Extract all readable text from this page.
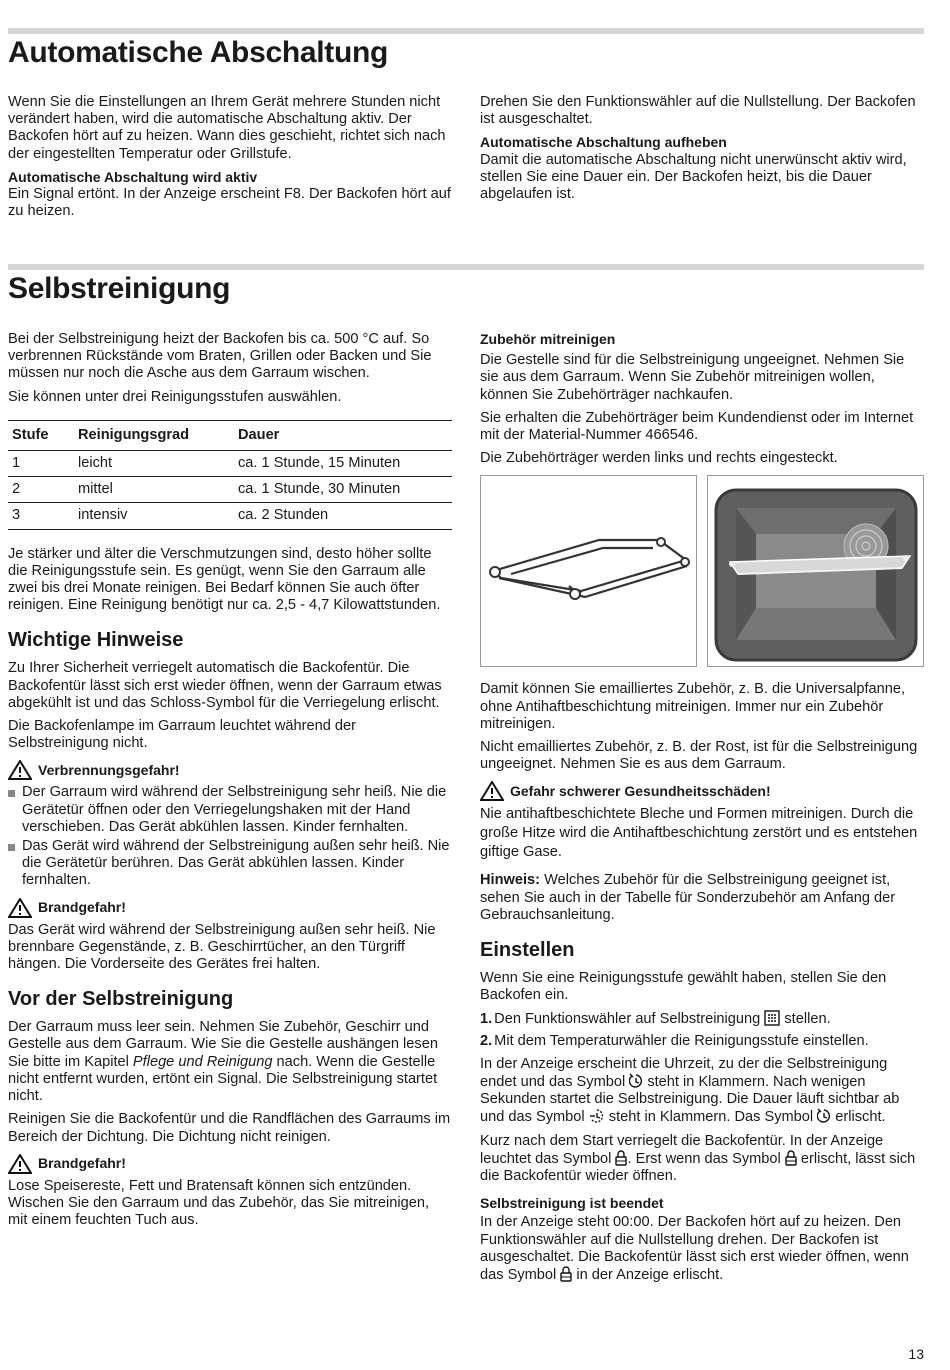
Automatische Abschaltung

Wenn Sie die Einstellungen an Ihrem Gerät mehrere Stunden nicht verändert haben, wird die automatische Abschaltung aktiv. Der Backofen hört auf zu heizen. Wann dies geschieht, richtet sich nach der eingestellten Temperatur oder Grillstufe.

Automatische Abschaltung wird aktiv

Ein Signal ertönt. In der Anzeige erscheint F8. Der Backofen hört auf zu heizen.

Drehen Sie den Funktionswähler auf die Nullstellung. Der Backofen ist ausgeschaltet.

Automatische Abschaltung aufheben

Damit die automatische Abschaltung nicht unerwünscht aktiv wird, stellen Sie eine Dauer ein. Der Backofen heizt, bis die Dauer abgelaufen ist.

Selbstreinigung

Bei der Selbstreinigung heizt der Backofen bis ca. 500 °C auf. So verbrennen Rückstände vom Braten, Grillen oder Backen und Sie müssen nur noch die Asche aus dem Garraum wischen.

Sie können unter drei Reinigungsstufen auswählen.

Stufe	Reinigungsgrad	Dauer
1	leicht	ca. 1 Stunde, 15 Minuten
2	mittel	ca. 1 Stunde, 30 Minuten
3	intensiv	ca. 2 Stunden

Je stärker und älter die Verschmutzungen sind, desto höher sollte die Reinigungsstufe sein. Es genügt, wenn Sie den Garraum alle zwei bis drei Monate reinigen. Bei Bedarf können Sie auch öfter reinigen. Eine Reinigung benötigt nur ca. 2,5 - 4,7 Kilowattstunden.

Wichtige Hinweise

Zu Ihrer Sicherheit verriegelt automatisch die Backofentür. Die Backofentür lässt sich erst wieder öffnen, wenn der Garraum etwas abgekühlt ist und das Schloss-Symbol für die Verriegelung erlischt.

Die Backofenlampe im Garraum leuchtet während der Selbstreinigung nicht.

Verbrennungsgefahr!
Der Garraum wird während der Selbstreinigung sehr heiß. Nie die Gerätetür öffnen oder den Verriegelungshaken mit der Hand verschieben. Das Gerät abkühlen lassen. Kinder fernhalten.
Das Gerät wird während der Selbstreinigung außen sehr heiß. Nie die Gerätetür berühren. Das Gerät abkühlen lassen. Kinder fernhalten.
Brandgefahr!

Das Gerät wird während der Selbstreinigung außen sehr heiß. Nie brennbare Gegenstände, z. B. Geschirrtücher, an den Türgriff hängen. Die Vorderseite des Gerätes frei halten.

Vor der Selbstreinigung

Der Garraum muss leer sein. Nehmen Sie Zubehör, Geschirr und Gestelle aus dem Garraum. Wie Sie die Gestelle aushängen lesen Sie bitte im Kapitel Pflege und Reinigung nach. Wenn die Gestelle nicht entfernt wurden, ertönt ein Signal. Die Selbstreinigung startet nicht.

Reinigen Sie die Backofentür und die Randflächen des Garraums im Bereich der Dichtung. Die Dichtung nicht reinigen.

Brandgefahr!

Lose Speisereste, Fett und Bratensaft können sich entzünden. Wischen Sie den Garraum und das Zubehör, das Sie mitreinigen, mit einem feuchten Tuch aus.

Zubehör mitreinigen

Die Gestelle sind für die Selbstreinigung ungeeignet. Nehmen Sie sie aus dem Garraum. Wenn Sie Zubehör mitreinigen wollen, können Sie Zubehörträger nachkaufen.

Sie erhalten die Zubehörträger beim Kundendienst oder im Internet mit der Material-Nummer 466546.

Die Zubehörträger werden links und rechts eingesteckt.

Damit können Sie emailliertes Zubehör, z. B. die Universalpfanne, ohne Antihaftbeschichtung mitreinigen. Immer nur ein Zubehör mitreinigen.

Nicht emailliertes Zubehör, z. B. der Rost, ist für die Selbstreinigung ungeeignet. Nehmen Sie es aus dem Garraum.

Gefahr schwerer Gesundheitsschäden!

Nie antihaftbeschichtete Bleche und Formen mitreinigen. Durch die große Hitze wird die Antihaftbeschichtung zerstört und es entstehen giftige Gase.

Hinweis: Welches Zubehör für die Selbstreinigung geeignet ist, sehen Sie auch in der Tabelle für Sonderzubehör am Anfang der Gebrauchsanleitung.

Einstellen

Wenn Sie eine Reinigungsstufe gewählt haben, stellen Sie den Backofen ein.

1. Den Funktionswähler auf Selbstreinigung  stellen.
2. Mit dem Temperaturwähler die Reinigungsstufe einstellen.

In der Anzeige erscheint die Uhrzeit, zu der die Selbstreinigung endet und das Symbol  steht in Klammern. Nach wenigen Sekunden startet die Selbstreinigung. Die Dauer läuft sichtbar ab und das Symbol  steht in Klammern. Das Symbol  erlischt.

Kurz nach dem Start verriegelt die Backofentür. In der Anzeige leuchtet das Symbol . Erst wenn das Symbol  erlischt, lässt sich die Backofentür wieder öffnen.

Selbstreinigung ist beendet

In der Anzeige steht 00:00. Der Backofen hört auf zu heizen. Den Funktionswähler auf die Nullstellung drehen. Der Backofen ist ausgeschaltet. Die Backofentür lässt sich erst wieder öffnen, wenn das Symbol  in der Anzeige erlischt.

13
